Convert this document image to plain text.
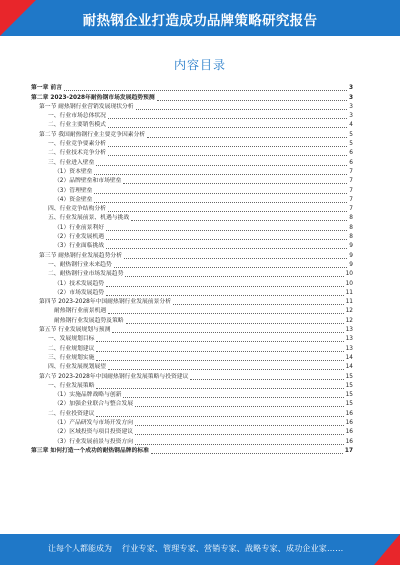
耐热钢企业打造成功品牌策略研究报告
内容目录
第一章 前言	3
第二章 2023-2028年耐热钢市场发展趋势预测	3
第一节 耐热钢行业营销发展现状分析	3
一、行业市场总体状况	3
二、行业主要销售模式	4
第二节 我国耐热钢行业主要竞争因素分析	5
一、行业竞争要素分析	5
二、行业技术竞争分析	6
三、行业进入壁垒	6
（1）资本壁垒	7
（2）品牌壁垒和市场壁垒	7
（3）管理壁垒	7
（4）资金壁垒	7
四、行业竞争结构分析	7
五、行业发展前景、机遇与挑战	8
（1）行业前景利好	8
（2）行业发展机遇	8
（3）行业面临挑战	9
第三节 耐热钢行业发展趋势分析	9
一、耐热钢行业未来趋势	9
二、耐热钢行业市场发展趋势	10
（1）技术发展趋势	10
（2）市场发展趋势	11
第四节 2023-2028年中国耐热钢行业发展前景分析	11
耐热钢行业前景机遇	12
耐热钢行业发展趋势及策略	12
第五节 行业发展规划与预测	13
一、发展规划目标	13
二、行业规划建议	13
三、行业规划实施	14
四、行业发展规划展望	14
第六节 2023-2028年中国耐热钢行业发展策略与投资建议	15
一、行业发展策略	15
（1）实施品牌战略与创新	15
（2）加强企业联合与整合发展	15
二、行业投资建议	16
（1）产品研发与市场开发方向	16
（2）区域投资与项目投资建议	16
（3）行业发展前景与投资方向	16
第三章 如何打造一个成功的耐热钢品牌的标准	17
让每个人都能成为 行业专家、管理专家、营销专家、战略专家、成功企业家……
